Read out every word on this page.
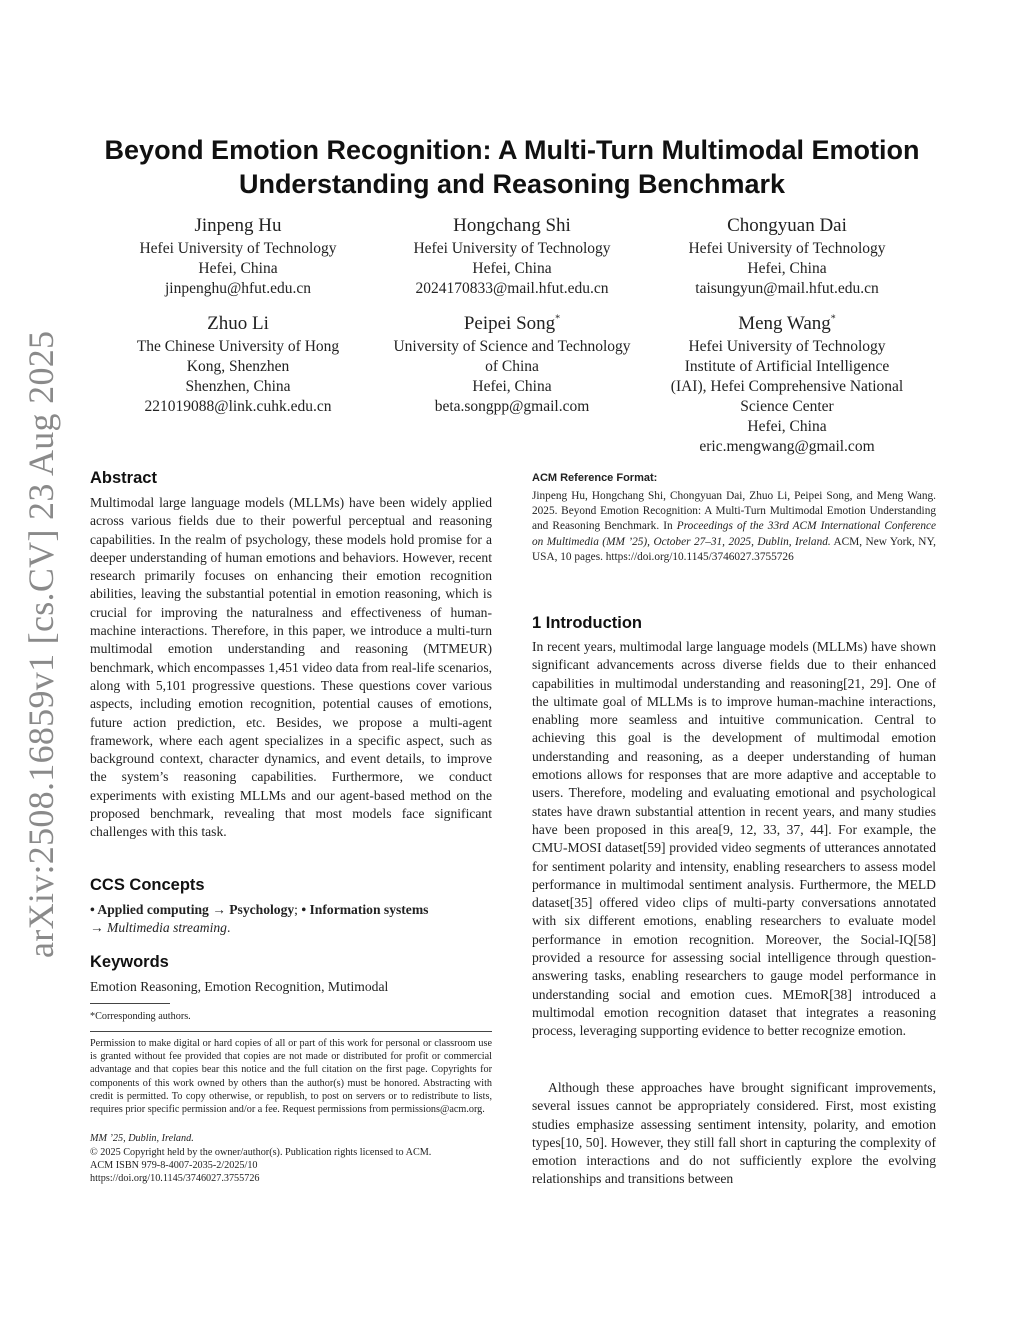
arXiv:2508.16859v1 [cs.CV] 23 Aug 2025
Beyond Emotion Recognition: A Multi-Turn Multimodal Emotion
Understanding and Reasoning Benchmark
Jinpeng Hu
Hefei University of Technology
Hefei, China
jinpenghu@hfut.edu.cn
Hongchang Shi
Hefei University of Technology
Hefei, China
2024170833@mail.hfut.edu.cn
Chongyuan Dai
Hefei University of Technology
Hefei, China
taisungyun@mail.hfut.edu.cn
Zhuo Li
The Chinese University of Hong
Kong, Shenzhen
Shenzhen, China
221019088@link.cuhk.edu.cn
Peipei Song*
University of Science and Technology
of China
Hefei, China
beta.songpp@gmail.com
Meng Wang*
Hefei University of Technology
Institute of Artificial Intelligence
(IAI), Hefei Comprehensive National
Science Center
Hefei, China
eric.mengwang@gmail.com
Abstract

Multimodal large language models (MLLMs) have been widely applied across various fields due to their powerful perceptual and reasoning capabilities. In the realm of psychology, these models hold promise for a deeper understanding of human emotions and behaviors. However, recent research primarily focuses on enhancing their emotion recognition abilities, leaving the substantial potential in emotion reasoning, which is crucial for improving the naturalness and effectiveness of human-machine interactions. Therefore, in this paper, we introduce a multi-turn multimodal emotion understanding and reasoning (MTMEUR) benchmark, which encompasses 1,451 video data from real-life scenarios, along with 5,101 progressive questions. These questions cover various aspects, including emotion recognition, potential causes of emotions, future action prediction, etc. Besides, we propose a multi-agent framework, where each agent specializes in a specific aspect, such as background context, character dynamics, and event details, to improve the system’s reasoning capabilities. Furthermore, we conduct experiments with existing MLLMs and our agent-based method on the proposed benchmark, revealing that most models face significant challenges with this task.

CCS Concepts

• Applied computing → Psychology; • Information systems
→ Multimedia streaming.

Keywords

Emotion Reasoning, Emotion Recognition, Mutimodal

*Corresponding authors.

Permission to make digital or hard copies of all or part of this work for personal or classroom use is granted without fee provided that copies are not made or distributed for profit or commercial advantage and that copies bear this notice and the full citation on the first page. Copyrights for components of this work owned by others than the author(s) must be honored. Abstracting with credit is permitted. To copy otherwise, or republish, to post on servers or to redistribute to lists, requires prior specific permission and/or a fee. Request permissions from permissions@acm.org.

MM ’25, Dublin, Ireland.

© 2025 Copyright held by the owner/author(s). Publication rights licensed to ACM.

ACM ISBN 979-8-4007-2035-2/2025/10

https://doi.org/10.1145/3746027.3755726

ACM Reference Format:

Jinpeng Hu, Hongchang Shi, Chongyuan Dai, Zhuo Li, Peipei Song, and Meng Wang. 2025. Beyond Emotion Recognition: A Multi-Turn Multimodal Emotion Understanding and Reasoning Benchmark. In Proceedings of the 33rd ACM International Conference on Multimedia (MM ’25), October 27–31, 2025, Dublin, Ireland. ACM, New York, NY, USA, 10 pages. https://doi.org/10.1145/3746027.3755726

1 Introduction

In recent years, multimodal large language models (MLLMs) have shown significant advancements across diverse fields due to their enhanced capabilities in multimodal understanding and reasoning[21, 29]. One of the ultimate goal of MLLMs is to improve human-machine interactions, enabling more seamless and intuitive communication. Central to achieving this goal is the development of multimodal emotion understanding and reasoning, as a deeper understanding of human emotions allows for responses that are more adaptive and acceptable to users. Therefore, modeling and evaluating emotional and psychological states have drawn substantial attention in recent years, and many studies have been proposed in this area[9, 12, 33, 37, 44]. For example, the CMU-MOSI dataset[59] provided video segments of utterances annotated for sentiment polarity and intensity, enabling researchers to assess model performance in multimodal sentiment analysis. Furthermore, the MELD dataset[35] offered video clips of multi-party conversations annotated with six different emotions, enabling researchers to evaluate model performance in emotion recognition. Moreover, the Social-IQ[58] provided a resource for assessing social intelligence through question-answering tasks, enabling researchers to gauge model performance in understanding social and emotion cues. MEmoR[38] introduced a multimodal emotion recognition dataset that integrates a reasoning process, leveraging supporting evidence to better recognize emotion.

Although these approaches have brought significant improvements, several issues cannot be appropriately considered. First, most existing studies emphasize assessing sentiment intensity, polarity, and emotion types[10, 50]. However, they still fall short in capturing the complexity of emotion interactions and do not sufficiently explore the evolving relationships and transitions between
